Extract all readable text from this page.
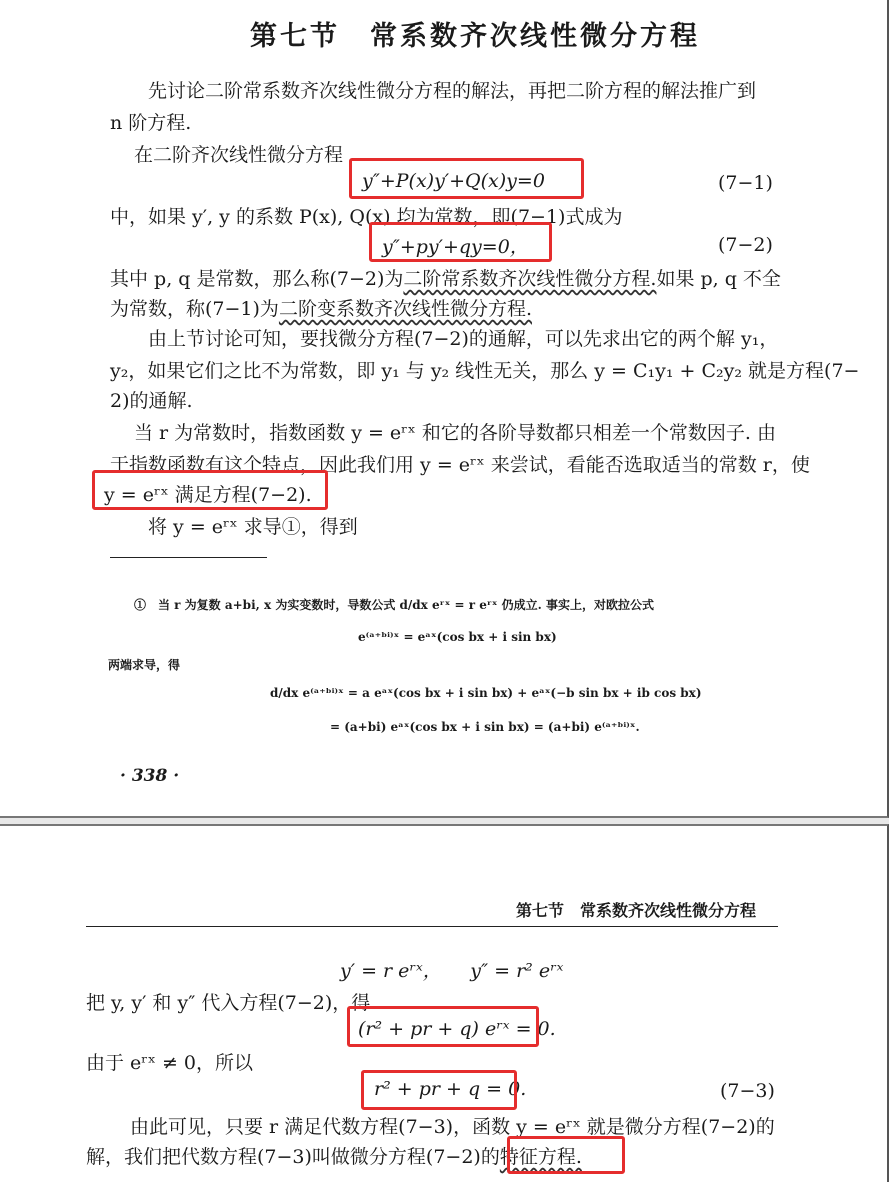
第七节　常系数齐次线性微分方程
先讨论二阶常系数齐次线性微分方程的解法，再把二阶方程的解法推广到
n 阶方程.
在二阶齐次线性微分方程
y″+P(x)y′+Q(x)y=0	(7−1)
中，如果 y′, y 的系数 P(x), Q(x) 均为常数，即(7−1)式成为
y″+py′+qy=0，	(7−2)
其中 p, q 是常数，那么称(7−2)为二阶常系数齐次线性微分方程.如果 p, q 不全
为常数，称(7−1)为二阶变系数齐次线性微分方程.
由上节讨论可知，要找微分方程(7−2)的通解，可以先求出它的两个解 y₁，
y₂，如果它们之比不为常数，即 y₁ 与 y₂ 线性无关，那么 y = C₁y₁ + C₂y₂ 就是方程(7−
2)的通解.
当 r 为常数时，指数函数 y = eʳˣ 和它的各阶导数都只相差一个常数因子. 由
于指数函数有这个特点，因此我们用 y = eʳˣ 来尝试，看能否选取适当的常数 r，使
y = eʳˣ 满足方程(7−2).
将 y = eʳˣ 求导①，得到
①　当 r 为复数 a+bi, x 为实变数时，导数公式 d/dx eʳˣ = r eʳˣ 仍成立. 事实上，对欧拉公式
e⁽ᵃ⁺ᵇⁱ⁾ˣ = eᵃˣ(cos bx + i sin bx)
两端求导，得
d/dx e⁽ᵃ⁺ᵇⁱ⁾ˣ = a eᵃˣ(cos bx + i sin bx) + eᵃˣ(−b sin bx + ib cos bx)
= (a+bi) eᵃˣ(cos bx + i sin bx) = (a+bi) e⁽ᵃ⁺ᵇⁱ⁾ˣ.
· 338 ·
第七节　常系数齐次线性微分方程
y′ = r eʳˣ，　　y″ = r² eʳˣ
把 y, y′ 和 y″ 代入方程(7−2)，得
(r² + pr + q) eʳˣ = 0.
由于 eʳˣ ≠ 0，所以
r² + pr + q = 0.	(7−3)
由此可见，只要 r 满足代数方程(7−3)，函数 y = eʳˣ 就是微分方程(7−2)的
解，我们把代数方程(7−3)叫做微分方程(7−2)的特征方程.
